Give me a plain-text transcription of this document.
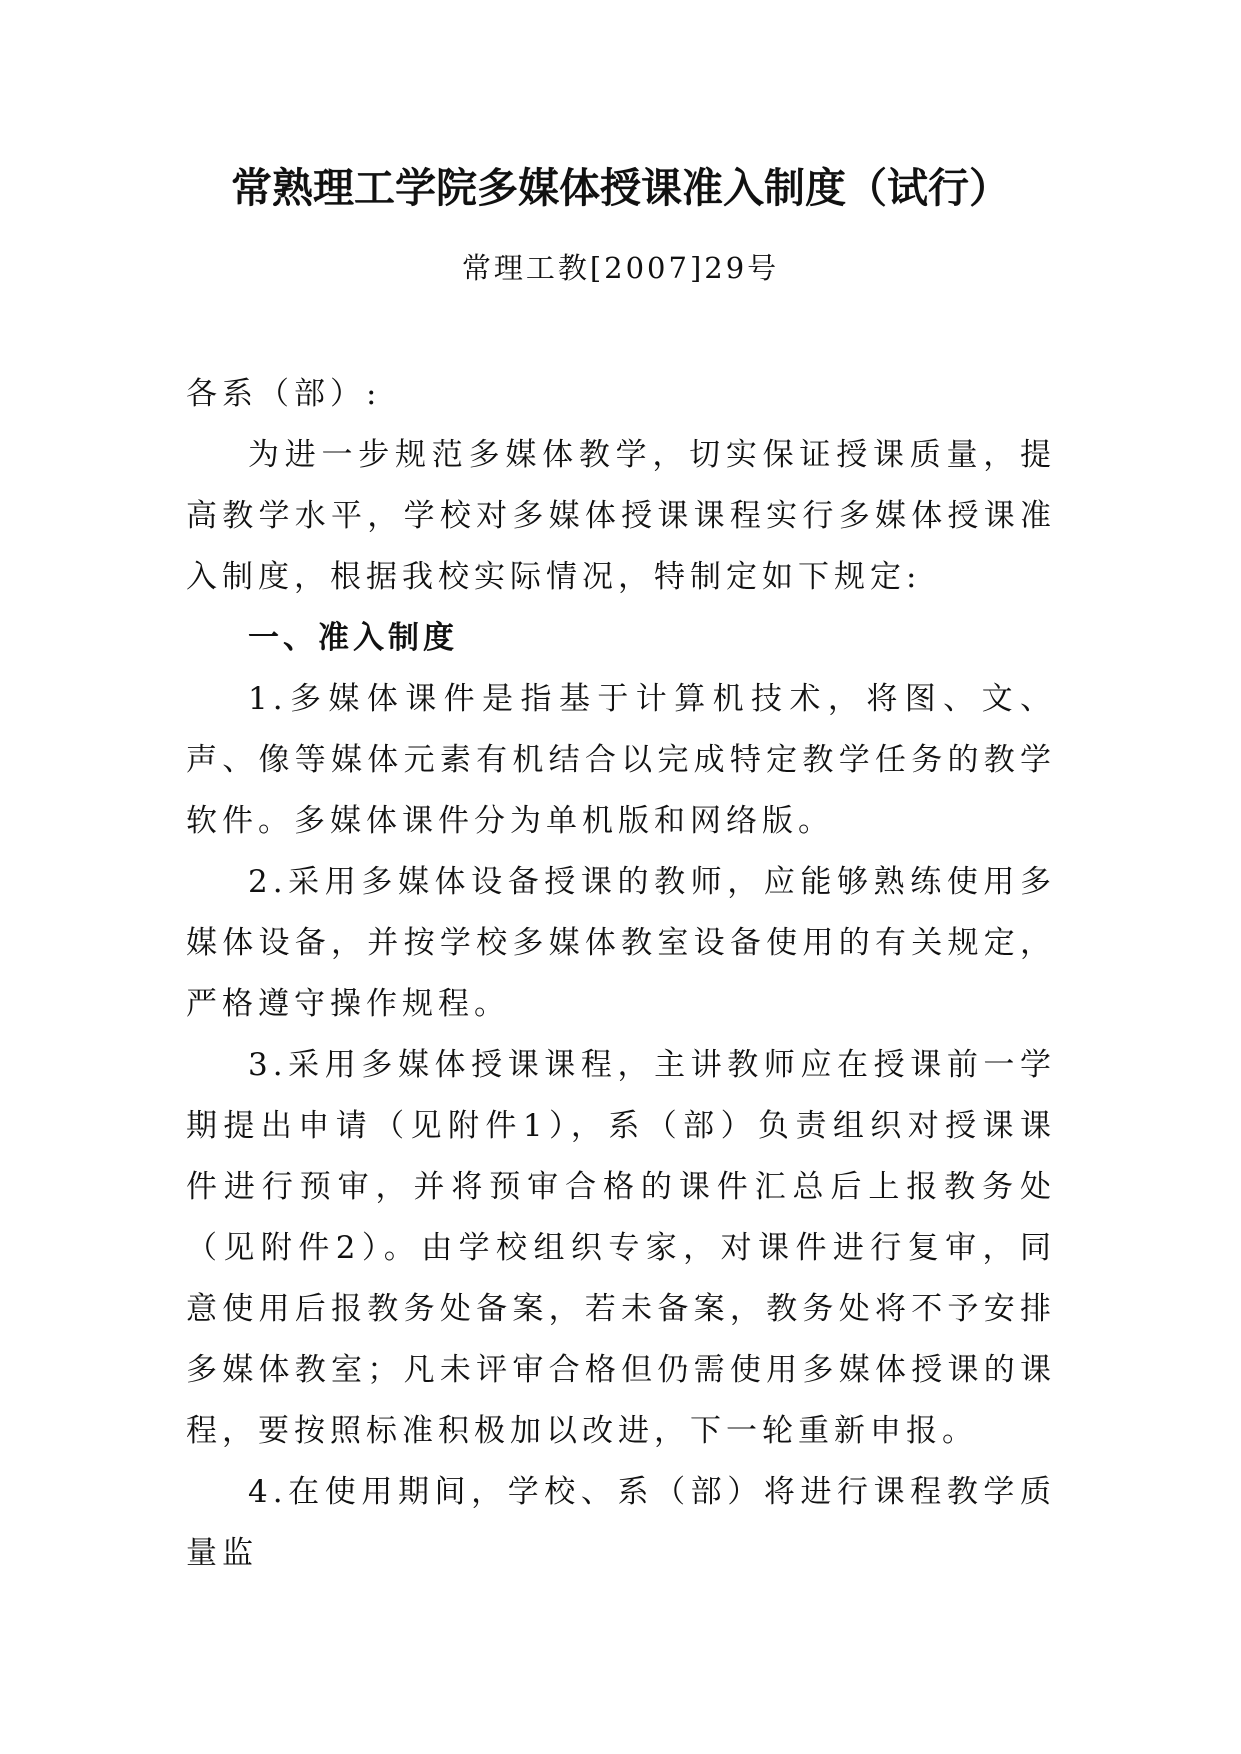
常熟理工学院多媒体授课准入制度（试行）
常理工教[2007]29号
各系（部）:

为进一步规范多媒体教学，切实保证授课质量，提高教学水平，学校对多媒体授课课程实行多媒体授课准入制度，根据我校实际情况，特制定如下规定:

一、准入制度

1.多媒体课件是指基于计算机技术，将图、文、声、像等媒体元素有机结合以完成特定教学任务的教学软件。多媒体课件分为单机版和网络版。

2.采用多媒体设备授课的教师，应能够熟练使用多媒体设备，并按学校多媒体教室设备使用的有关规定，严格遵守操作规程。

3.采用多媒体授课课程，主讲教师应在授课前一学期提出申请（见附件1），系（部）负责组织对授课课件进行预审，并将预审合格的课件汇总后上报教务处（见附件2）。由学校组织专家，对课件进行复审，同意使用后报教务处备案，若未备案，教务处将不予安排多媒体教室；凡未评审合格但仍需使用多媒体授课的课程，要按照标准积极加以改进，下一轮重新申报。

4.在使用期间，学校、系（部）将进行课程教学质量监
